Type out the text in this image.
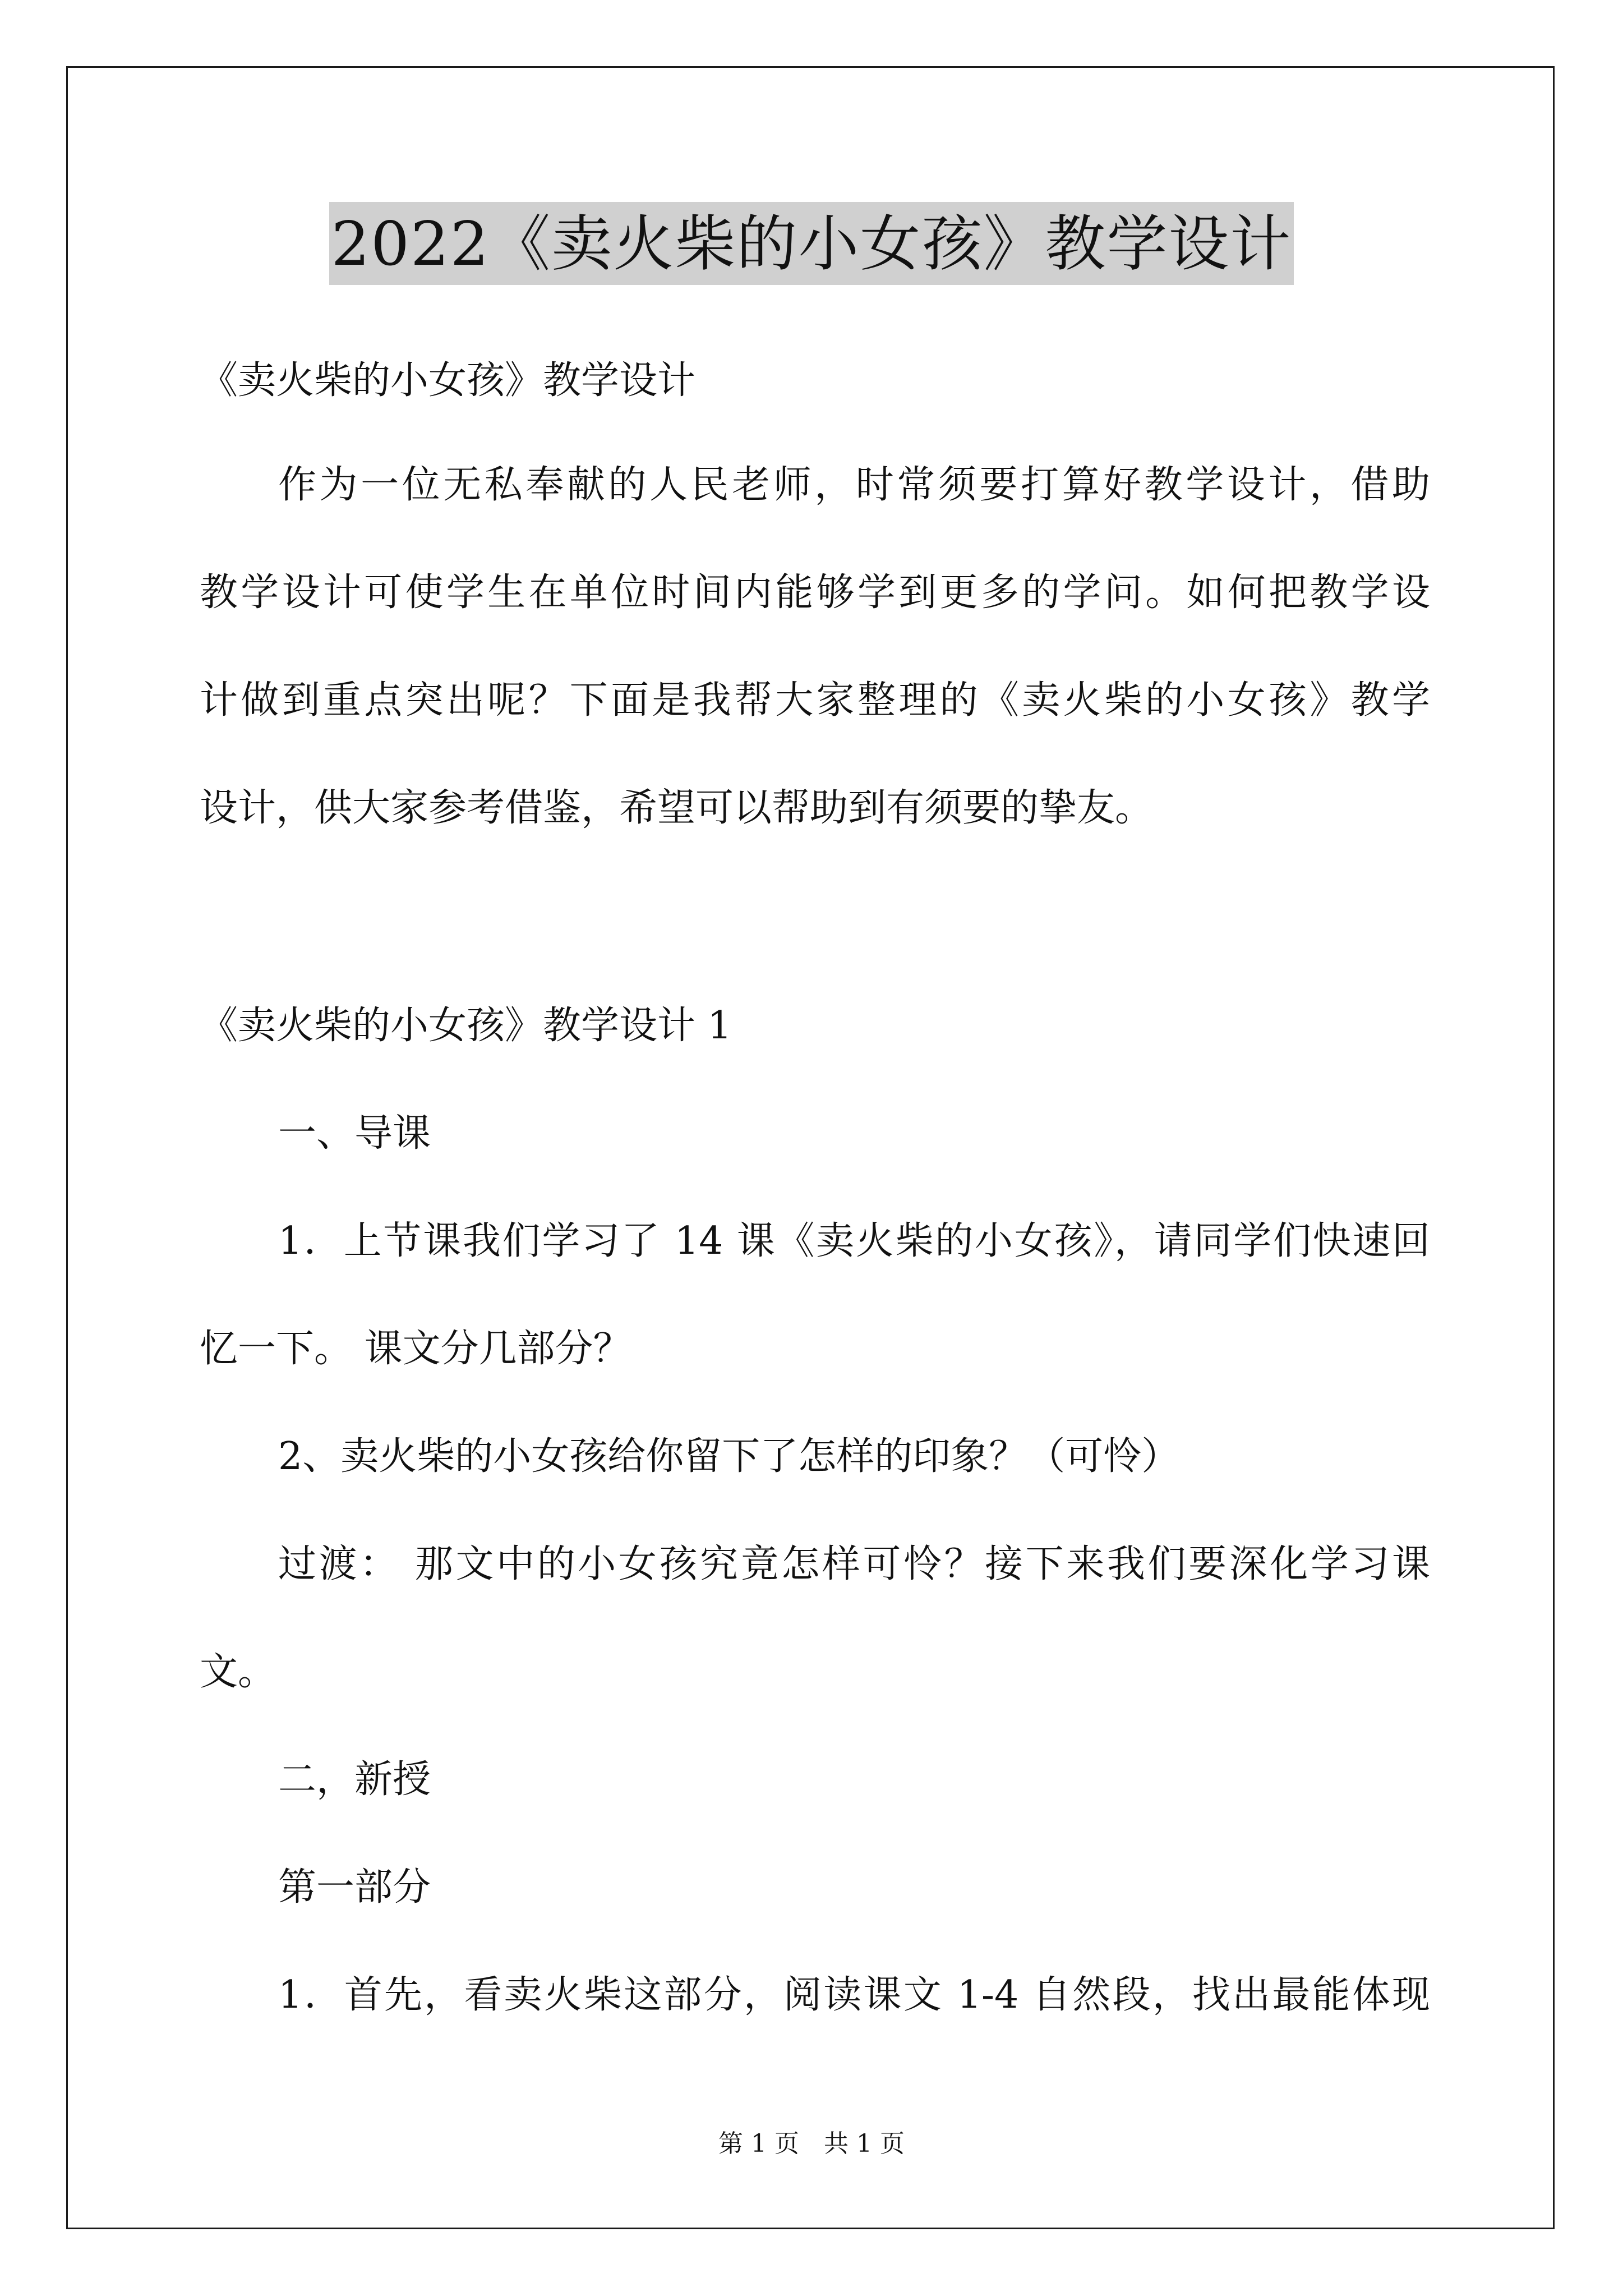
2022《卖火柴的小女孩》教学设计
《卖火柴的小女孩》教学设计
作为一位无私奉献的人民老师，时常须要打算好教学设计，借助
教学设计可使学生在单位时间内能够学到更多的学问。如何把教学设
计做到重点突出呢？下面是我帮大家整理的《卖火柴的小女孩》教学
设计，供大家参考借鉴，希望可以帮助到有须要的挚友。
《卖火柴的小女孩》教学设计 1
一、导课
1．上节课我们学习了 14 课《卖火柴的小女孩》，请同学们快速回
忆一下。 课文分几部分？
2、卖火柴的小女孩给你留下了怎样的印象？（可怜）
过渡： 那文中的小女孩究竟怎样可怜？接下来我们要深化学习课
文。
二，新授
第一部分
1．首先，看卖火柴这部分，阅读课文 1-4 自然段，找出最能体现
第 1 页　共 1 页
